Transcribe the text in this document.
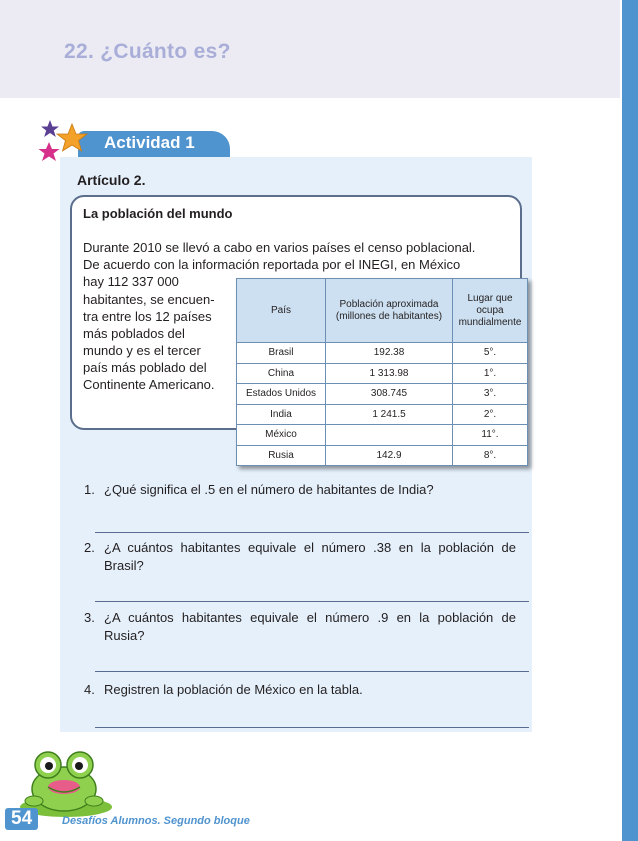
22. ¿Cuánto es?
Actividad 1
Artículo 2.
La población del mundo
Durante 2010 se llevó a cabo en varios países el censo poblacional.
De acuerdo con la información reportada por el INEGI, en México
hay 112 337 000
habitantes, se encuen-
tra entre los 12 países
más poblados del
mundo y es el tercer
país más poblado del
Continente Americano.
País	Población aproximada (millones de habitantes)	Lugar que ocupa mundialmente
Brasil	192.38	5°.
China	1 313.98	1°.
Estados Unidos	308.745	3°.
India	1 241.5	2°.
México		11°.
Rusia	142.9	8°.
1. ¿Qué significa el .5 en el número de habitantes de India?
2. ¿A cuántos habitantes equivale el número .38 en la población de
Brasil?
3. ¿A cuántos habitantes equivale el número .9 en la población de
Rusia?
4. Registren la población de México en la tabla.
54	Desafíos Alumnos. Segundo bloque
